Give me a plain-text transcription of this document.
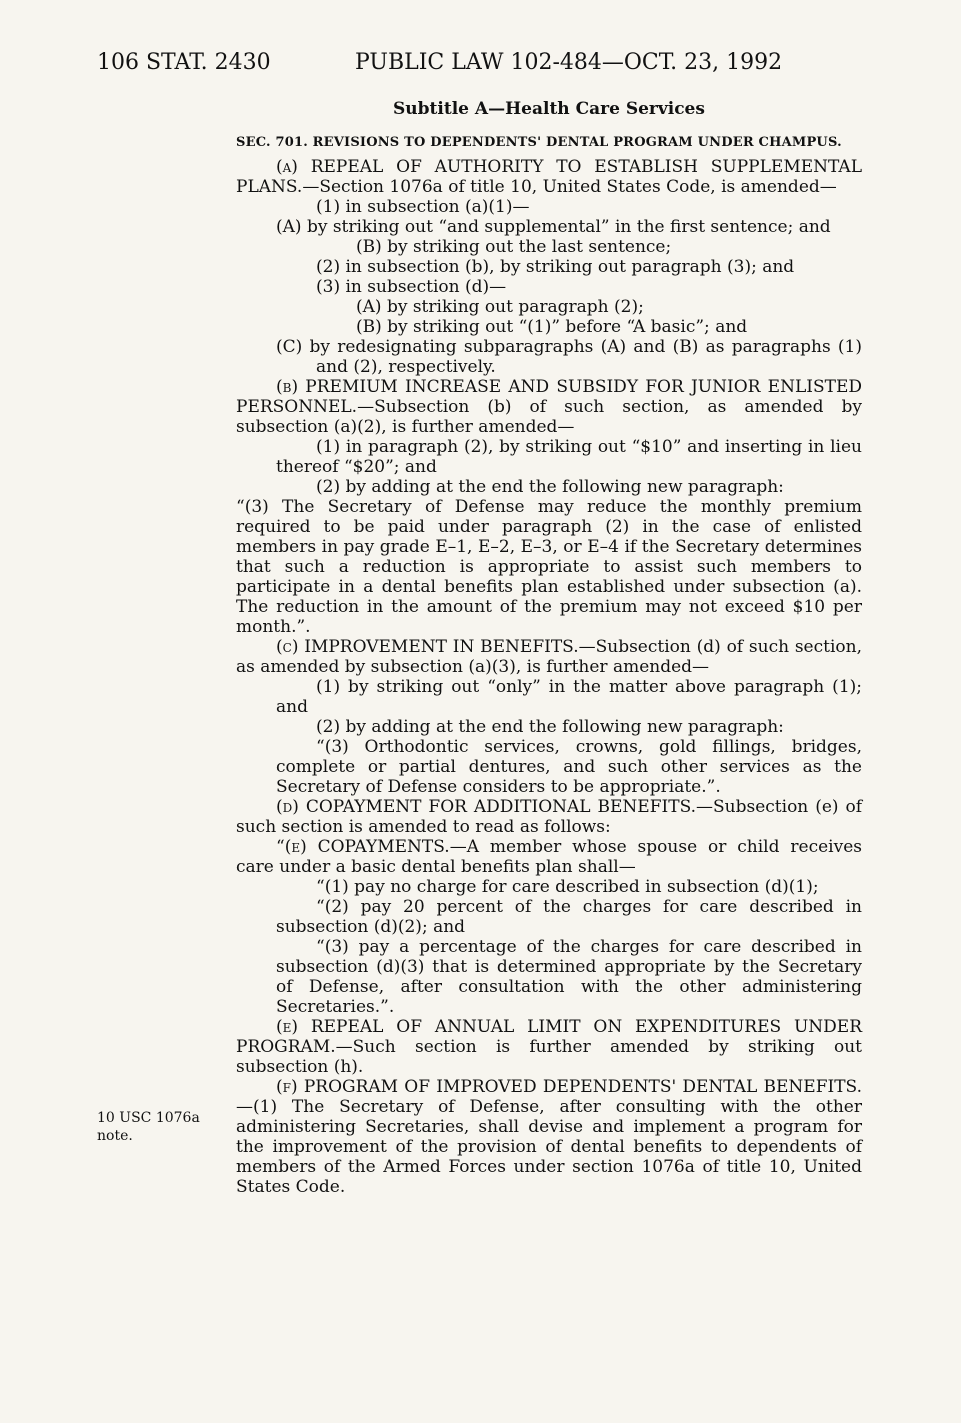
106 STAT. 2430	PUBLIC LAW 102-484—OCT. 23, 1992
10 USC 1076a
note.
Subtitle A—Health Care Services
SEC. 701. REVISIONS TO DEPENDENTS' DENTAL PROGRAM UNDER CHAMPUS.

(a) REPEAL OF AUTHORITY TO ESTABLISH SUPPLEMENTAL PLANS.—Section 1076a of title 10, United States Code, is amended—

(1) in subsection (a)(1)—

(A) by striking out “and supplemental” in the first sentence; and

(B) by striking out the last sentence;

(2) in subsection (b), by striking out paragraph (3); and

(3) in subsection (d)—

(A) by striking out paragraph (2);

(B) by striking out “(1)” before “A basic”; and

(C) by redesignating subparagraphs (A) and (B) as paragraphs (1) and (2), respectively.

(b) PREMIUM INCREASE AND SUBSIDY FOR JUNIOR ENLISTED PERSONNEL.—Subsection (b) of such section, as amended by subsection (a)(2), is further amended—

(1) in paragraph (2), by striking out “$10” and inserting in lieu thereof “$20”; and

(2) by adding at the end the following new paragraph:

“(3) The Secretary of Defense may reduce the monthly premium required to be paid under paragraph (2) in the case of enlisted members in pay grade E–1, E–2, E–3, or E–4 if the Secretary determines that such a reduction is appropriate to assist such members to participate in a dental benefits plan established under subsection (a). The reduction in the amount of the premium may not exceed $10 per month.”.

(c) IMPROVEMENT IN BENEFITS.—Subsection (d) of such section, as amended by subsection (a)(3), is further amended—

(1) by striking out “only” in the matter above paragraph (1); and

(2) by adding at the end the following new paragraph:

“(3) Orthodontic services, crowns, gold fillings, bridges, complete or partial dentures, and such other services as the Secretary of Defense considers to be appropriate.”.

(d) COPAYMENT FOR ADDITIONAL BENEFITS.—Subsection (e) of such section is amended to read as follows:

“(e) COPAYMENTS.—A member whose spouse or child receives care under a basic dental benefits plan shall—

“(1) pay no charge for care described in subsection (d)(1);

“(2) pay 20 percent of the charges for care described in subsection (d)(2); and

“(3) pay a percentage of the charges for care described in subsection (d)(3) that is determined appropriate by the Secretary of Defense, after consultation with the other administering Secretaries.”.

(e) REPEAL OF ANNUAL LIMIT ON EXPENDITURES UNDER PROGRAM.—Such section is further amended by striking out subsection (h).

(f) PROGRAM OF IMPROVED DEPENDENTS' DENTAL BENEFITS.—(1) The Secretary of Defense, after consulting with the other administering Secretaries, shall devise and implement a program for the improvement of the provision of dental benefits to dependents of members of the Armed Forces under section 1076a of title 10, United States Code.
